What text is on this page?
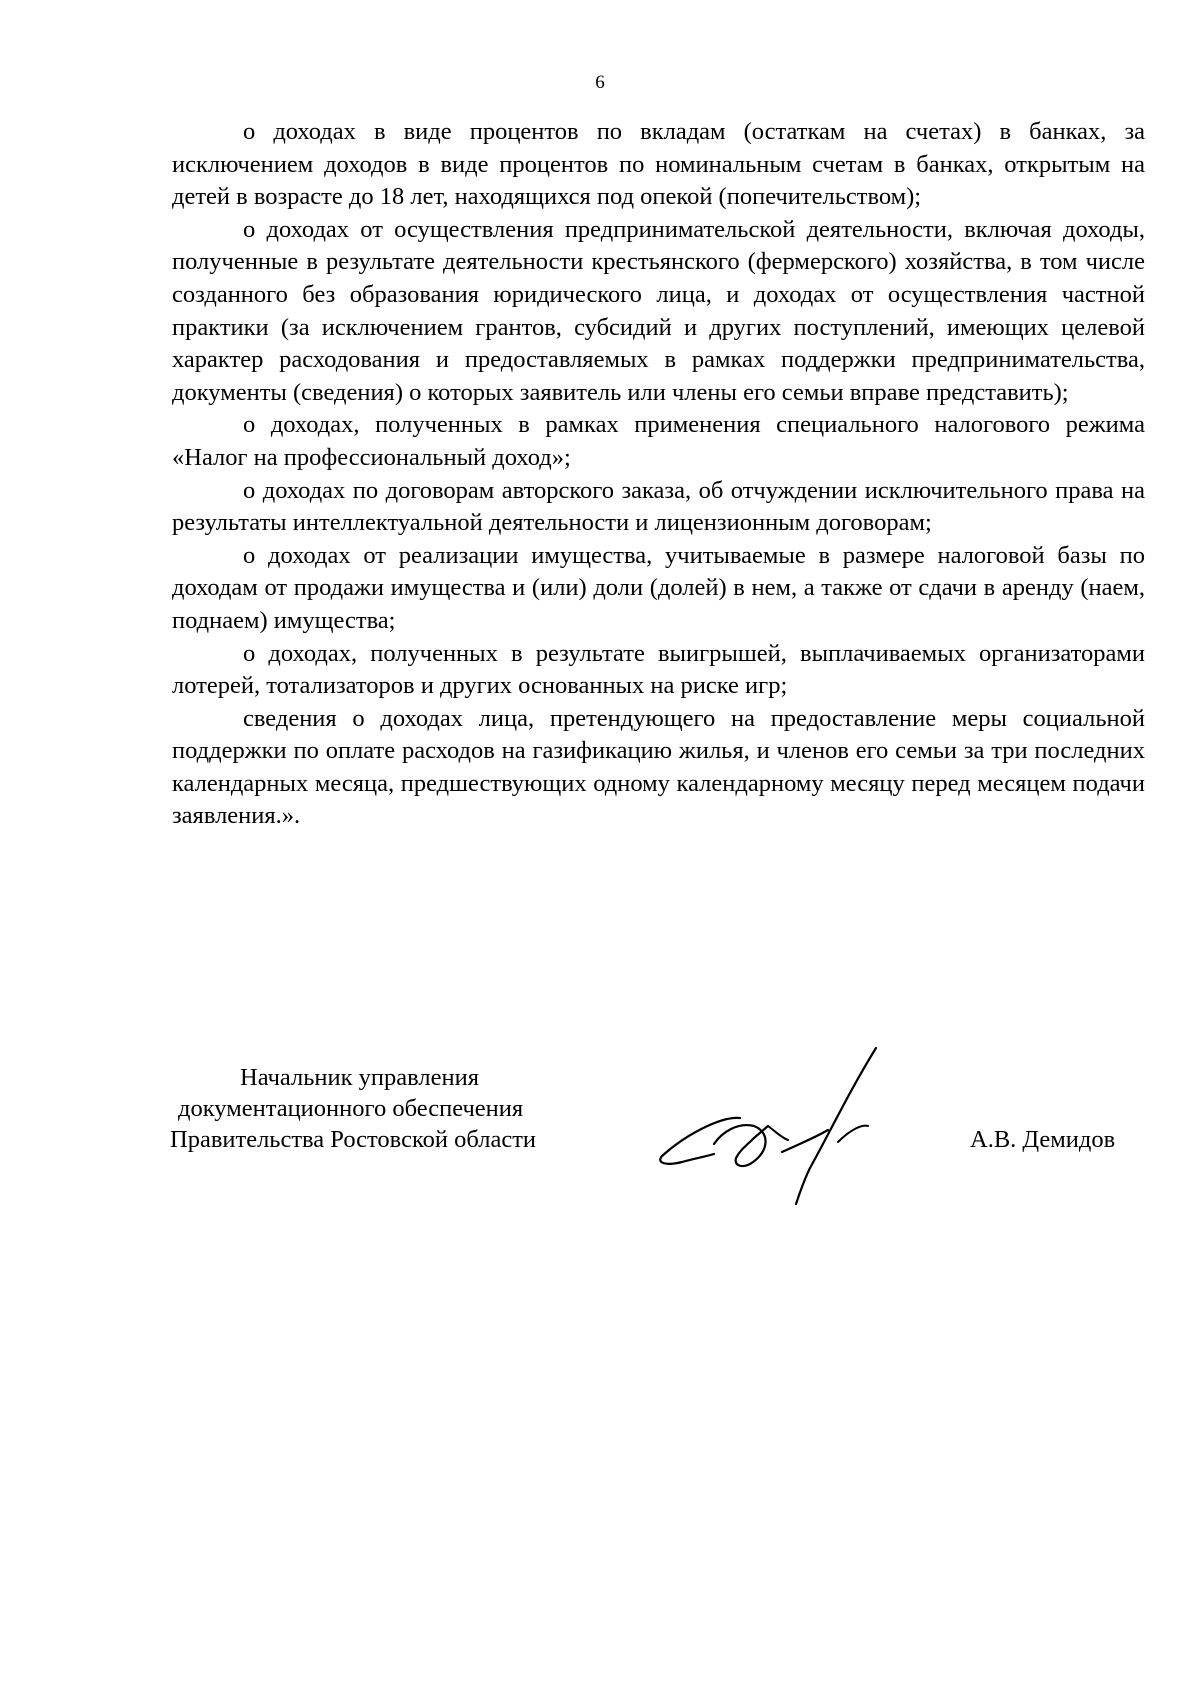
6

о доходах в виде процентов по вкладам (остаткам на счетах) в банках, за исключением доходов в виде процентов по номинальным счетам в банках, открытым на детей в возрасте до 18 лет, находящихся под опекой (попечительством);

о доходах от осуществления предпринимательской деятельности, включая доходы, полученные в результате деятельности крестьянского (фермерского) хозяйства, в том числе созданного без образования юридического лица, и доходах от осуществления частной практики (за исключением грантов, субсидий и других поступлений, имеющих целевой характер расходования и предоставляемых в рамках поддержки предпринимательства, документы (сведения) о которых заявитель или члены его семьи вправе представить);

о доходах, полученных в рамках применения специального налогового режима «Налог на профессиональный доход»;

о доходах по договорам авторского заказа, об отчуждении исключительного права на результаты интеллектуальной деятельности и лицензионным договорам;

о доходах от реализации имущества, учитываемые в размере налоговой базы по доходам от продажи имущества и (или) доли (долей) в нем, а также от сдачи в аренду (наем, поднаем) имущества;

о доходах, полученных в результате выигрышей, выплачиваемых организаторами лотерей, тотализаторов и других основанных на риске игр;

сведения о доходах лица, претендующего на предоставление меры социальной поддержки по оплате расходов на газификацию жилья, и членов его семьи за три последних календарных месяца, предшествующих одному календарному месяцу перед месяцем подачи заявления.».

Начальник управления
документационного обеспечения
Правительства Ростовской области	А.В. Демидов
